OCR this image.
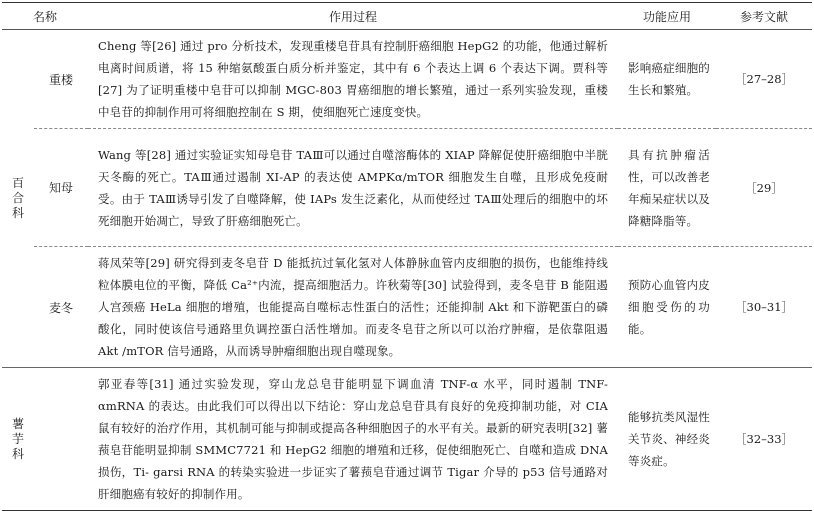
名称		作用过程	功能应用	参考文献
百合科	重楼	Cheng 等[26] 通过 pro 分析技术，发现重楼皂苷具有控制肝癌细胞 HepG2 的功能，他通过解析电离时间质谱，将 15 种缩氨酸蛋白质分析并鉴定，其中有 6 个表达上调 6 个表达下调。贾科等[27] 为了证明重楼中皂苷可以抑制 MGC-803 胃癌细胞的增长繁殖，通过一系列实验发现，重楼中皂苷的抑制作用可将细胞控制在 S 期，使细胞死亡速度变快。	影响癌症细胞的生长和繁殖。	［27–28］
	知母	Wang 等[28] 通过实验证实知母皂苷 TAⅢ可以通过自噬溶酶体的 XIAP 降解促使肝癌细胞中半胱天冬酶的死亡。TAⅢ通过遏制 XI-AP 的表达使 AMPKα/mTOR 细胞发生自噬，且形成免疫耐受。由于 TAⅢ诱导引发了自噬降解，使 IAPs 发生泛素化，从而使经过 TAⅢ处理后的细胞中的坏死细胞开始凋亡，导致了肝癌细胞死亡。	具有抗肿瘤活性，可以改善老年痴呆症状以及降糖降脂等。	［29］
	麦冬	蒋凤荣等[29] 研究得到麦冬皂苷 D 能抵抗过氧化氢对人体静脉血管内皮细胞的损伤，也能维持线粒体膜电位的平衡，降低 Ca²⁺内流，提高细胞活力。许秋菊等[30] 试验得到，麦冬皂苷 B 能阻遏人宫颈癌 HeLa 细胞的增殖，也能提高自噬标志性蛋白的活性；还能抑制 Akt 和下游靶蛋白的磷酸化，同时使该信号通路里负调控蛋白活性增加。而麦冬皂苷之所以可以治疗肿瘤，是依靠阻遏 Akt /mTOR 信号通路，从而诱导肿瘤细胞出现自噬现象。	预防心血管内皮细胞受伤的功能。	［30–31］
薯芋科		郭亚春等[31] 通过实验发现，穿山龙总皂苷能明显下调血清 TNF-α 水平，同时遏制 TNF-αmRNA 的表达。由此我们可以得出以下结论：穿山龙总皂苷具有良好的免疫抑制功能，对 CIA 鼠有较好的治疗作用，其机制可能与抑制或提高各种细胞因子的水平有关。最新的研究表明[32] 薯蓣皂苷能明显抑制 SMMC7721 和 HepG2 细胞的增殖和迁移，促使细胞死亡、自噬和造成 DNA 损伤，Ti- garsi RNA 的转染实验进一步证实了薯蓣皂苷通过调节 Tigar 介导的 p53 信号通路对肝细胞癌有较好的抑制作用。	能够抗类风湿性关节炎、神经炎等炎症。	［32–33］
